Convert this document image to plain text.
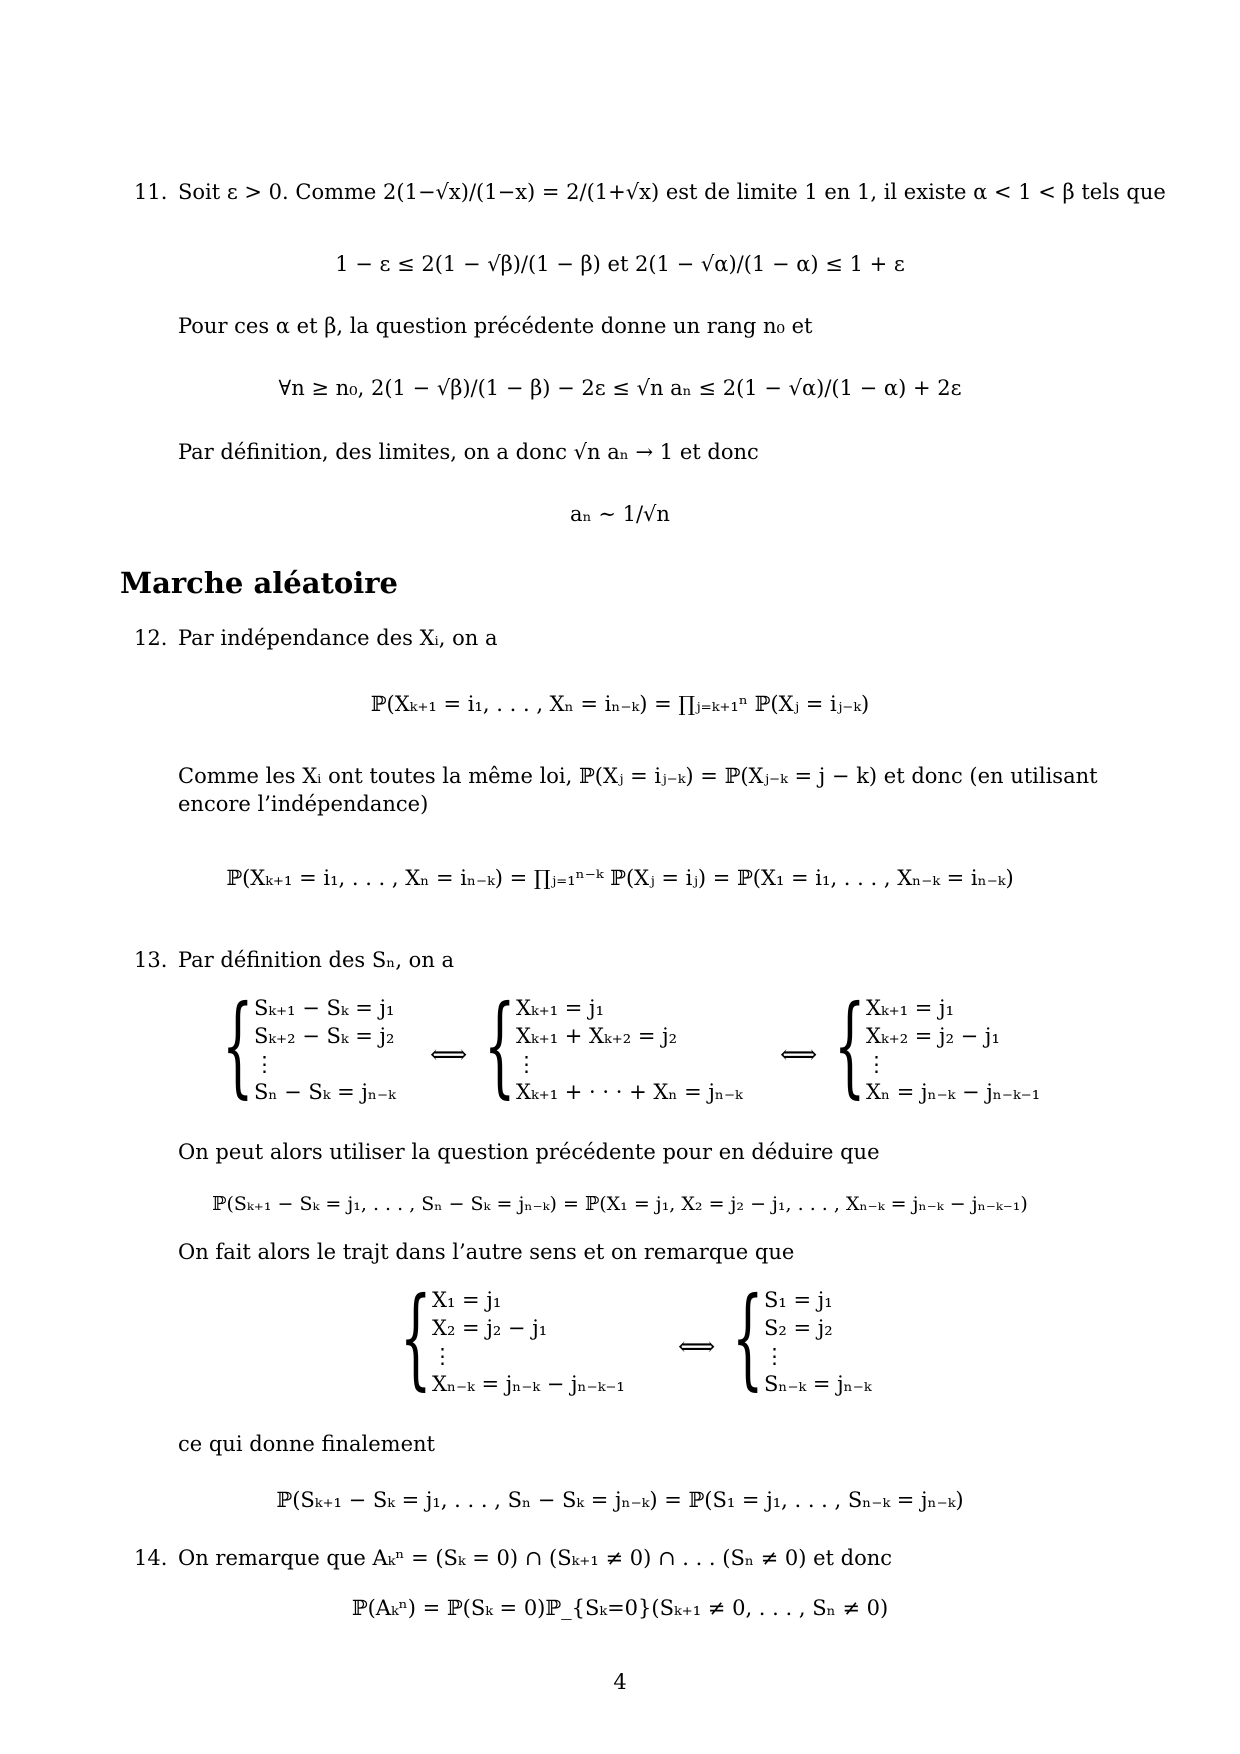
11. Soit ε > 0. Comme 2(1−√x)/(1−x) = 2/(1+√x) est de limite 1 en 1, il existe α < 1 < β tels que
1 − ε ≤ 2(1 − √β)/(1 − β) et 2(1 − √α)/(1 − α) ≤ 1 + ε
Pour ces α et β, la question précédente donne un rang n₀ et
∀n ≥ n₀, 2(1 − √β)/(1 − β) − 2ε ≤ √n aₙ ≤ 2(1 − √α)/(1 − α) + 2ε
Par définition, des limites, on a donc √n aₙ → 1 et donc
aₙ ∼ 1/√n
Marche aléatoire
12. Par indépendance des Xᵢ, on a
ℙ(Xₖ₊₁ = i₁, . . . , Xₙ = iₙ₋ₖ) = ∏ⱼ₌ₖ₊₁ⁿ ℙ(Xⱼ = iⱼ₋ₖ)
Comme les Xᵢ ont toutes la même loi, ℙ(Xⱼ = iⱼ₋ₖ) = ℙ(Xⱼ₋ₖ = j − k) et donc (en utilisant
encore l’indépendance)
ℙ(Xₖ₊₁ = i₁, . . . , Xₙ = iₙ₋ₖ) = ∏ⱼ₌₁ⁿ⁻ᵏ ℙ(Xⱼ = iⱼ) = ℙ(X₁ = i₁, . . . , Xₙ₋ₖ = iₙ₋ₖ)
13. Par définition des Sₙ, on a
{ Sₖ₊₁ − Sₖ = j₁
Sₖ₊₂ − Sₖ = j₂
⋮
Sₙ − Sₖ = jₙ₋ₖ
⟺ { Xₖ₊₁ = j₁
Xₖ₊₁ + Xₖ₊₂ = j₂
⋮
Xₖ₊₁ + · · · + Xₙ = jₙ₋ₖ
⟺ { Xₖ₊₁ = j₁
Xₖ₊₂ = j₂ − j₁
⋮
Xₙ = jₙ₋ₖ − jₙ₋ₖ₋₁
On peut alors utiliser la question précédente pour en déduire que
ℙ(Sₖ₊₁ − Sₖ = j₁, . . . , Sₙ − Sₖ = jₙ₋ₖ) = ℙ(X₁ = j₁, X₂ = j₂ − j₁, . . . , Xₙ₋ₖ = jₙ₋ₖ − jₙ₋ₖ₋₁)
On fait alors le trajt dans l’autre sens et on remarque que
{ X₁ = j₁
X₂ = j₂ − j₁
⋮
Xₙ₋ₖ = jₙ₋ₖ − jₙ₋ₖ₋₁
⟺ { S₁ = j₁
S₂ = j₂
⋮
Sₙ₋ₖ = jₙ₋ₖ
ce qui donne finalement
ℙ(Sₖ₊₁ − Sₖ = j₁, . . . , Sₙ − Sₖ = jₙ₋ₖ) = ℙ(S₁ = j₁, . . . , Sₙ₋ₖ = jₙ₋ₖ)
14. On remarque que Aₖⁿ = (Sₖ = 0) ∩ (Sₖ₊₁ ≠ 0) ∩ . . . (Sₙ ≠ 0) et donc
ℙ(Aₖⁿ) = ℙ(Sₖ = 0)ℙ_{Sₖ=0}(Sₖ₊₁ ≠ 0, . . . , Sₙ ≠ 0)
4
